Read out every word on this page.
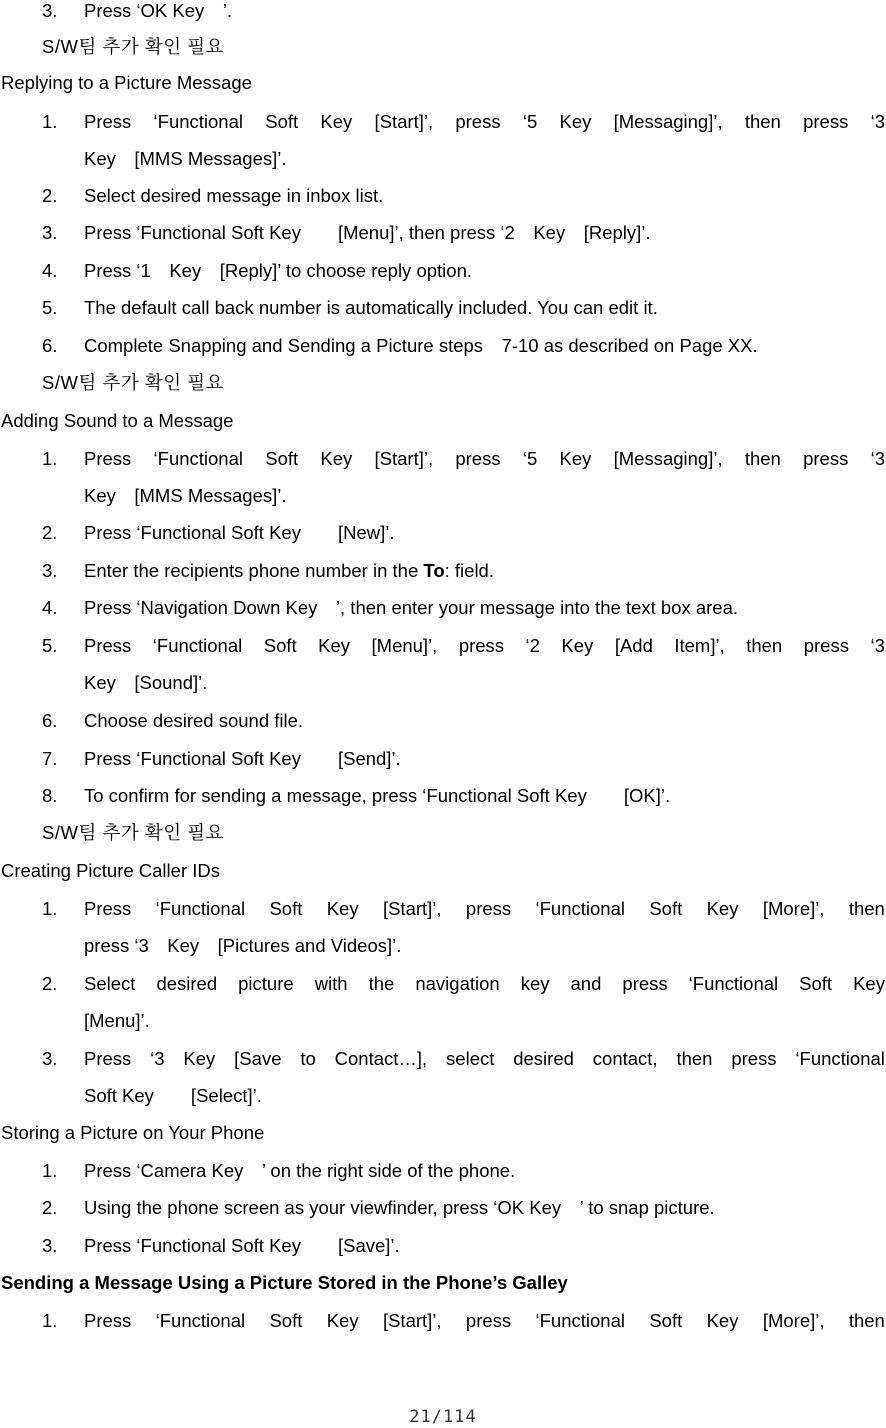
3. Press ‘OK Key　’.
S/W팀 추가 확인 필요
Replying to a Picture Message
1. Press ‘Functional Soft Key [Start]’, press ‘5 Key [Messaging]’, then press ‘3
Key　[MMS Messages]’.
2. Select desired message in inbox list.
3. Press ‘Functional Soft Key　　[Menu]’, then press ‘2　Key　[Reply]’.
4. Press ‘1　Key　[Reply]’ to choose reply option.
5. The default call back number is automatically included. You can edit it.
6. Complete Snapping and Sending a Picture steps　7-10 as described on Page XX.
S/W팀 추가 확인 필요
Adding Sound to a Message
1. Press ‘Functional Soft Key [Start]’, press ‘5 Key [Messaging]’, then press ‘3
Key　[MMS Messages]’.
2. Press ‘Functional Soft Key　　[New]’.
3. Enter the recipients phone number in the To: field.
4. Press ‘Navigation Down Key　’, then enter your message into the text box area.
5. Press ‘Functional Soft Key [Menu]’, press ‘2 Key [Add Item]’, then press ‘3
Key　[Sound]’.
6. Choose desired sound file.
7. Press ‘Functional Soft Key　　[Send]’.
8. To confirm for sending a message, press ‘Functional Soft Key　　[OK]’.
S/W팀 추가 확인 필요
Creating Picture Caller IDs
1. Press ‘Functional Soft Key [Start]’, press ‘Functional Soft Key [More]’, then
press ‘3　Key　[Pictures and Videos]’.
2. Select desired picture with the navigation key and press ‘Functional Soft Key
[Menu]’.
3. Press ‘3 Key [Save to Contact…], select desired contact, then press ‘Functional
Soft Key　　[Select]’.
Storing a Picture on Your Phone
1. Press ‘Camera Key　’ on the right side of the phone.
2. Using the phone screen as your viewfinder, press ‘OK Key　’ to snap picture.
3. Press ‘Functional Soft Key　　[Save]’.
Sending a Message Using a Picture Stored in the Phone’s Galley
1. Press ‘Functional Soft Key [Start]’, press ‘Functional Soft Key [More]’, then
21/114
